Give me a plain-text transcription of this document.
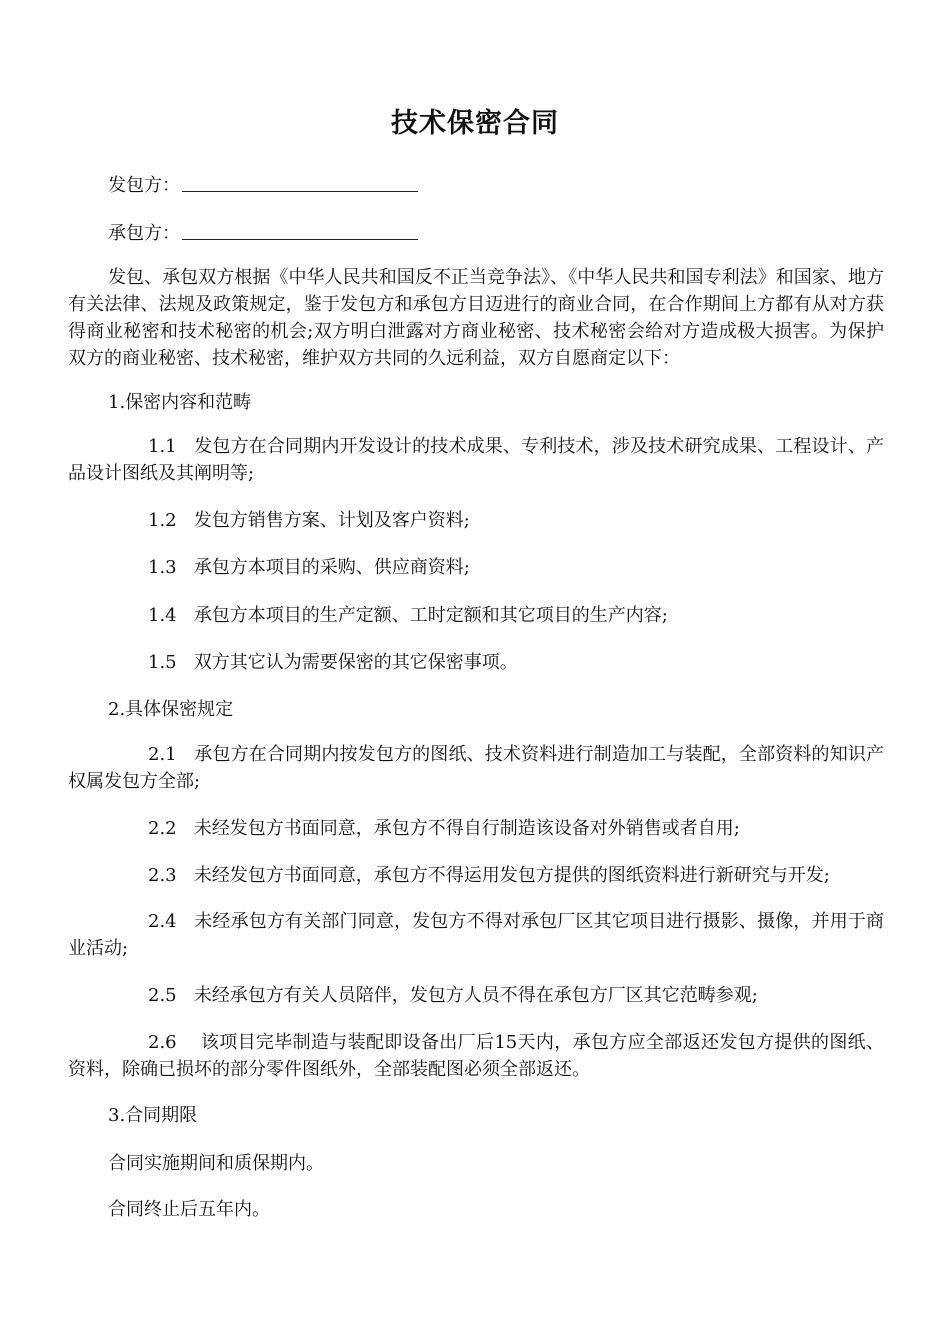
技术保密合同
发包方：
承包方：
发包、承包双方根据《中华人民共和国反不正当竞争法》、《中华人民共和国专利法》和国家、地方有关法律、法规及政策规定，鉴于发包方和承包方目迈进行的商业合同，在合作期间上方都有从对方获得商业秘密和技术秘密的机会;双方明白泄露对方商业秘密、技术秘密会给对方造成极大损害。为保护双方的商业秘密、技术秘密，维护双方共同的久远利益，双方自愿商定以下：
1.保密内容和范畴
1.1 发包方在合同期内开发设计的技术成果、专利技术，涉及技术研究成果、工程设计、产品设计图纸及其阐明等;
1.2 发包方销售方案、计划及客户资料;
1.3 承包方本项目的采购、供应商资料;
1.4 承包方本项目的生产定额、工时定额和其它项目的生产内容;
1.5 双方其它认为需要保密的其它保密事项。
2.具体保密规定
2.1 承包方在合同期内按发包方的图纸、技术资料进行制造加工与装配，全部资料的知识产权属发包方全部;
2.2 未经发包方书面同意，承包方不得自行制造该设备对外销售或者自用;
2.3 未经发包方书面同意，承包方不得运用发包方提供的图纸资料进行新研究与开发;
2.4 未经承包方有关部门同意，发包方不得对承包厂区其它项目进行摄影、摄像，并用于商业活动;
2.5 未经承包方有关人员陪伴，发包方人员不得在承包方厂区其它范畴参观;
2.6 该项目完毕制造与装配即设备出厂后15天内，承包方应全部返还发包方提供的图纸、资料，除确已损坏的部分零件图纸外，全部装配图必须全部返还。
3.合同期限
合同实施期间和质保期内。
合同终止后五年内。
